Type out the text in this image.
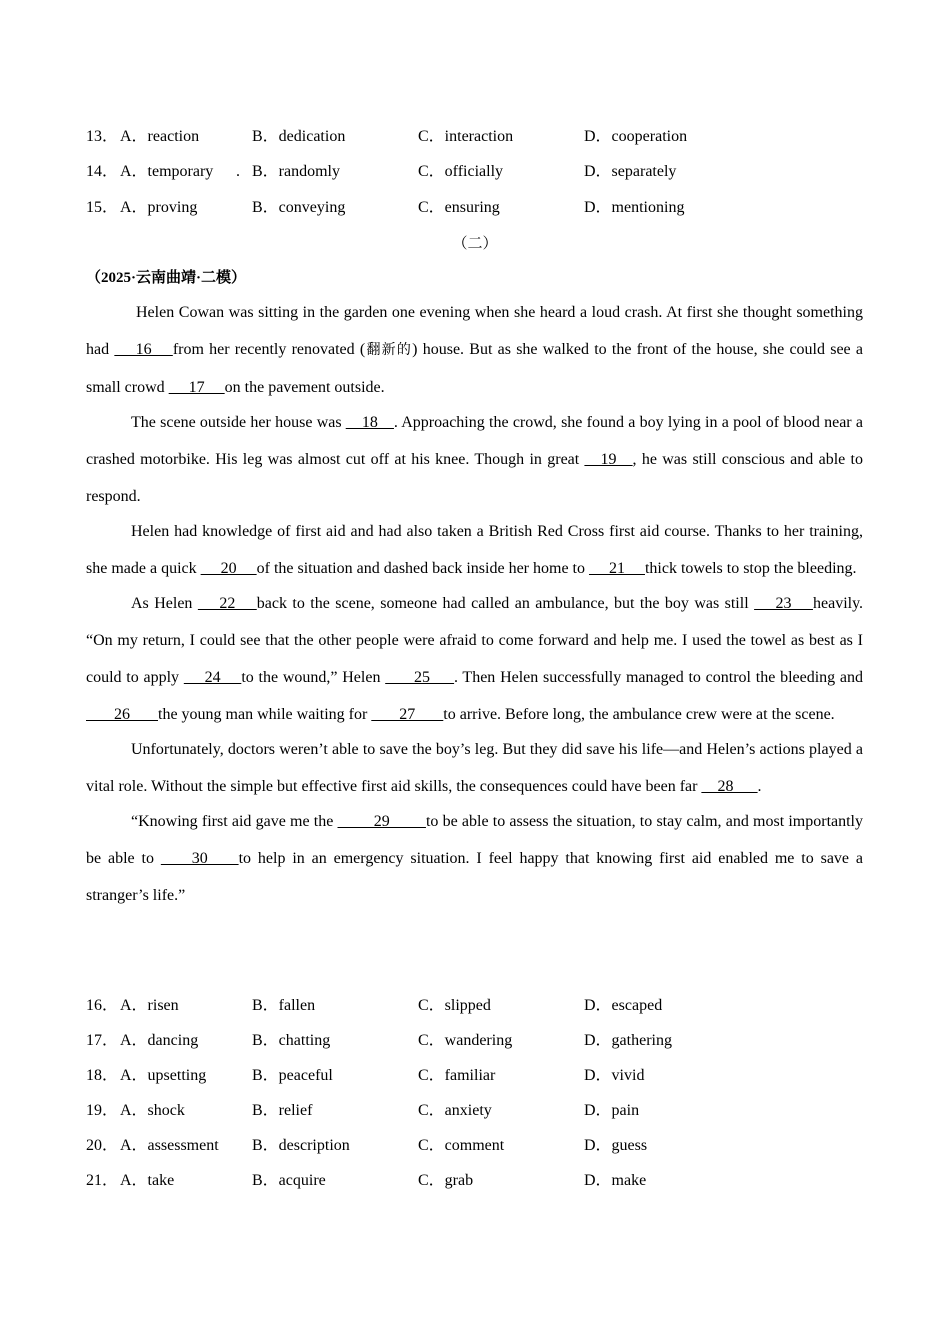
13． A．reaction	B．dedication	C．interaction	D．cooperation
14． A．temporary . B．randomly	C．officially	D．separately
15． A．proving	B．conveying	C．ensuring	D．mentioning
（二）
（2025·云南曲靖·二模）

Helen Cowan was sitting in the garden one evening when she heard a loud crash. At first she thought something had  __16__ from her recently renovated (翻新的) house. But as she walked to the front of the house, she could see a small crowd  __17__ on the pavement outside.

The scene outside her house was __18__. Approaching the crowd, she found a boy lying in a pool of blood near a crashed motorbike. His leg was almost cut off at his knee. Though in great __19__, he was still conscious and able to respond.

Helen had knowledge of first aid and had also taken a British Red Cross first aid course. Thanks to her training, she made a quick  __20__ of the situation and dashed back inside her home to  __21__ thick towels to stop the bleeding.

As Helen  __22__ back to the scene, someone had called an ambulance, but the boy was still  __23__ heavily. “On my return, I could see that the other people were afraid to come forward and help me. I used the towel as best as I could to apply  __24__ to the wound,” Helen  ___25___. Then Helen successfully managed to control the bleeding and  ___26___ the young man while waiting for  ___27___ to arrive. Before long, the ambulance crew were at the scene.

Unfortunately, doctors weren’t able to save the boy’s leg. But they did save his life—and Helen’s actions played a vital role. Without the simple but effective first aid skills, the consequences could have been far __28___.

“Knowing first aid gave me the  ____29____ to be able to assess the situation, to stay calm, and most importantly be able to  ___30___ to help in an emergency situation. I feel happy that knowing first aid enabled me to save a stranger’s life.”

16． A．risen	B．fallen	C．slipped	D．escaped
17． A．dancing	B．chatting	C．wandering	D．gathering
18． A．upsetting	B．peaceful	C．familiar	D．vivid
19． A．shock	B．relief	C．anxiety	D．pain
20． A．assessment B．description	C．comment	D．guess
21． A．take	B．acquire	C．grab	D．make
